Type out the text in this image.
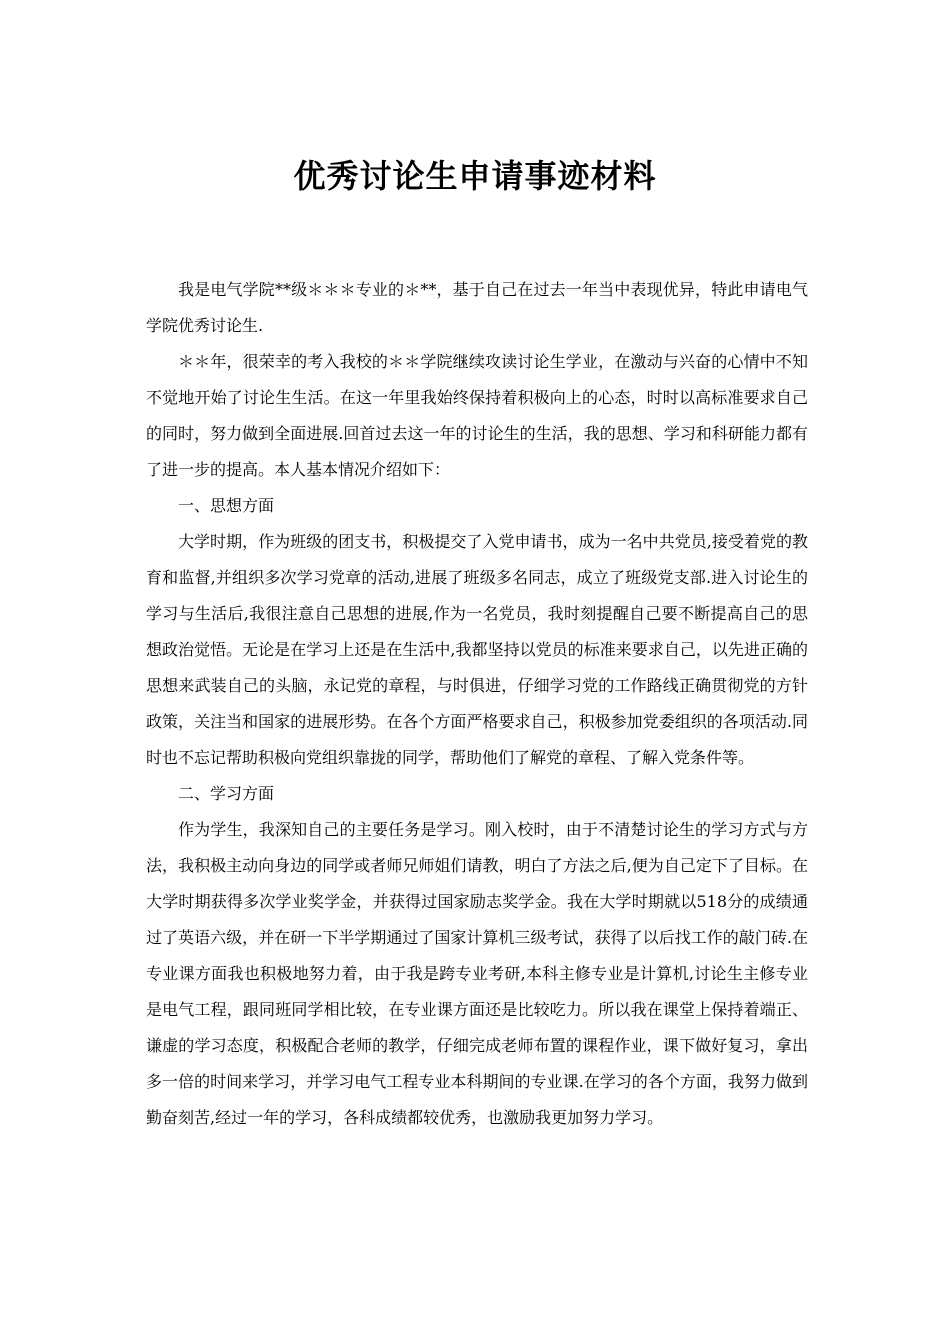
优秀讨论生申请事迹材料

我是电气学院**级＊＊＊专业的＊**，基于自己在过去一年当中表现优异，特此申请电气学院优秀讨论生.

＊＊年，很荣幸的考入我校的＊＊学院继续攻读讨论生学业，在激动与兴奋的心情中不知不觉地开始了讨论生生活。在这一年里我始终保持着积极向上的心态，时时以高标准要求自己的同时，努力做到全面进展.回首过去这一年的讨论生的生活，我的思想、学习和科研能力都有了进一步的提高。本人基本情况介绍如下：

一、思想方面

大学时期，作为班级的团支书，积极提交了入党申请书，成为一名中共党员,接受着党的教育和监督,并组织多次学习党章的活动,进展了班级多名同志，成立了班级党支部.进入讨论生的学习与生活后,我很注意自己思想的进展,作为一名党员，我时刻提醒自己要不断提高自己的思想政治觉悟。无论是在学习上还是在生活中,我都坚持以党员的标准来要求自己，以先进正确的思想来武装自己的头脑，永记党的章程，与时俱进，仔细学习党的工作路线正确贯彻党的方针政策，关注当和国家的进展形势。在各个方面严格要求自己，积极参加党委组织的各项活动.同时也不忘记帮助积极向党组织靠拢的同学，帮助他们了解党的章程、了解入党条件等。

二、学习方面

作为学生，我深知自己的主要任务是学习。刚入校时，由于不清楚讨论生的学习方式与方法，我积极主动向身边的同学或者师兄师姐们请教，明白了方法之后,便为自己定下了目标。在大学时期获得多次学业奖学金，并获得过国家励志奖学金。我在大学时期就以518分的成绩通过了英语六级，并在研一下半学期通过了国家计算机三级考试，获得了以后找工作的敲门砖.在专业课方面我也积极地努力着，由于我是跨专业考研,本科主修专业是计算机,讨论生主修专业是电气工程，跟同班同学相比较，在专业课方面还是比较吃力。所以我在课堂上保持着端正、谦虚的学习态度，积极配合老师的教学，仔细完成老师布置的课程作业，课下做好复习，拿出多一倍的时间来学习，并学习电气工程专业本科期间的专业课.在学习的各个方面，我努力做到勤奋刻苦,经过一年的学习，各科成绩都较优秀，也激励我更加努力学习。
